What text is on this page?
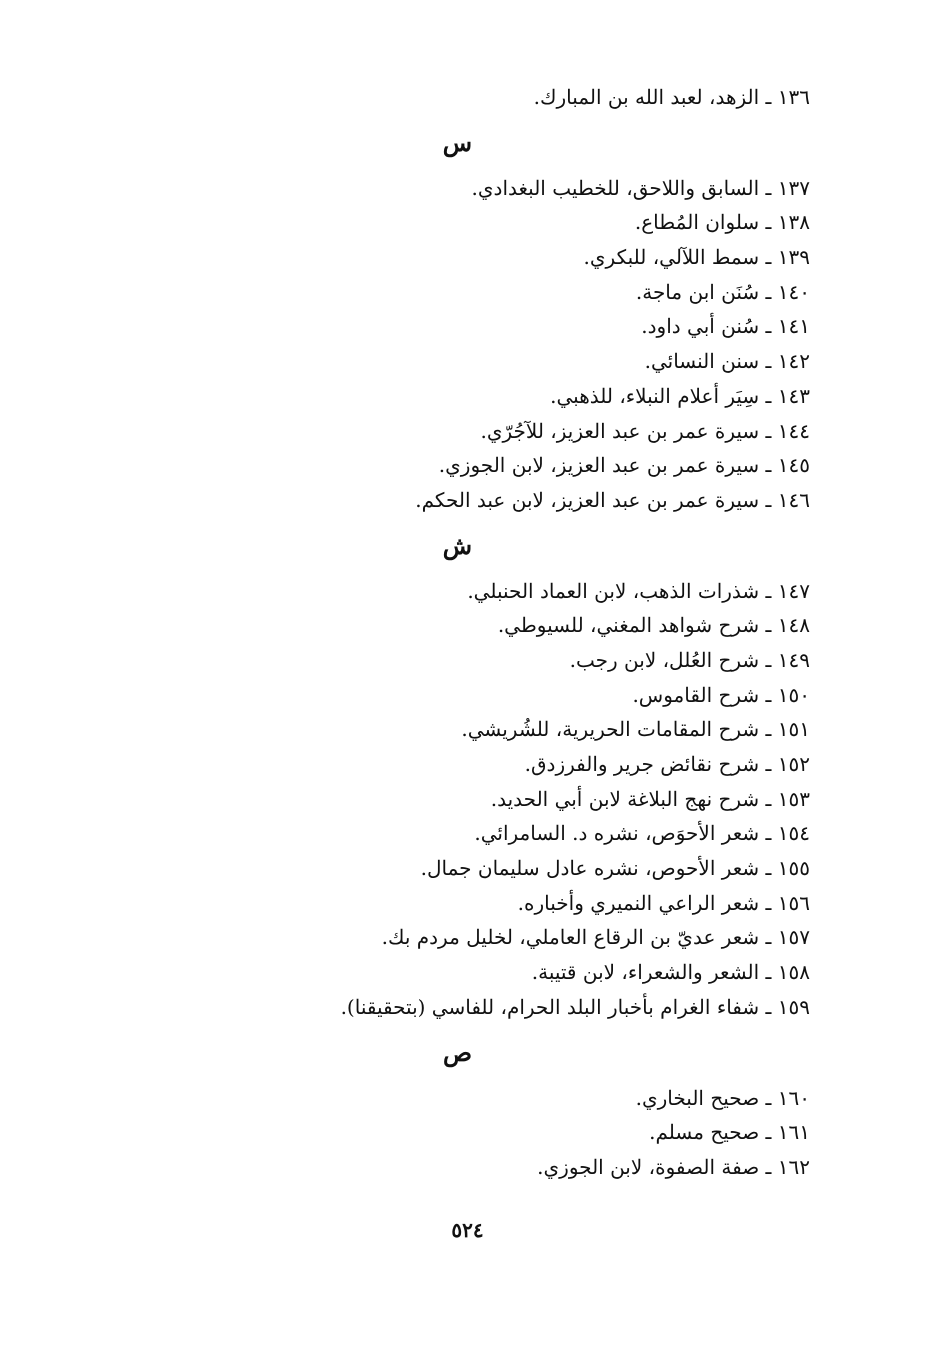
١٣٦ ـ الزهد، لعبد الله بن المبارك.
س
١٣٧ ـ السابق واللاحق، للخطيب البغدادي.
١٣٨ ـ سلوان المُطاع.
١٣٩ ـ سمط اللآلي، للبكري.
١٤٠ ـ سُنَن ابن ماجة.
١٤١ ـ سُنن أبي داود.
١٤٢ ـ سنن النسائي.
١٤٣ ـ سِيَر أعلام النبلاء، للذهبي.
١٤٤ ـ سيرة عمر بن عبد العزيز، للآجُرّي.
١٤٥ ـ سيرة عمر بن عبد العزيز، لابن الجوزي.
١٤٦ ـ سيرة عمر بن عبد العزيز، لابن عبد الحكم.
ش
١٤٧ ـ شذرات الذهب، لابن العماد الحنبلي.
١٤٨ ـ شرح شواهد المغني، للسيوطي.
١٤٩ ـ شرح العُلل، لابن رجب.
١٥٠ ـ شرح القاموس.
١٥١ ـ شرح المقامات الحريرية، للشُريشي.
١٥٢ ـ شرح نقائض جرير والفرزدق.
١٥٣ ـ شرح نهج البلاغة لابن أبي الحديد.
١٥٤ ـ شعر الأحوَص، نشره د. السامرائي.
١٥٥ ـ شعر الأحوص، نشره عادل سليمان جمال.
١٥٦ ـ شعر الراعي النميري وأخباره.
١٥٧ ـ شعر عديّ بن الرقاع العاملي، لخليل مردم بك.
١٥٨ ـ الشعر والشعراء، لابن قتيبة.
١٥٩ ـ شفاء الغرام بأخبار البلد الحرام، للفاسي (بتحقيقنا).
ص
١٦٠ ـ صحيح البخاري.
١٦١ ـ صحيح مسلم.
١٦٢ ـ صفة الصفوة، لابن الجوزي.
٥٢٤
